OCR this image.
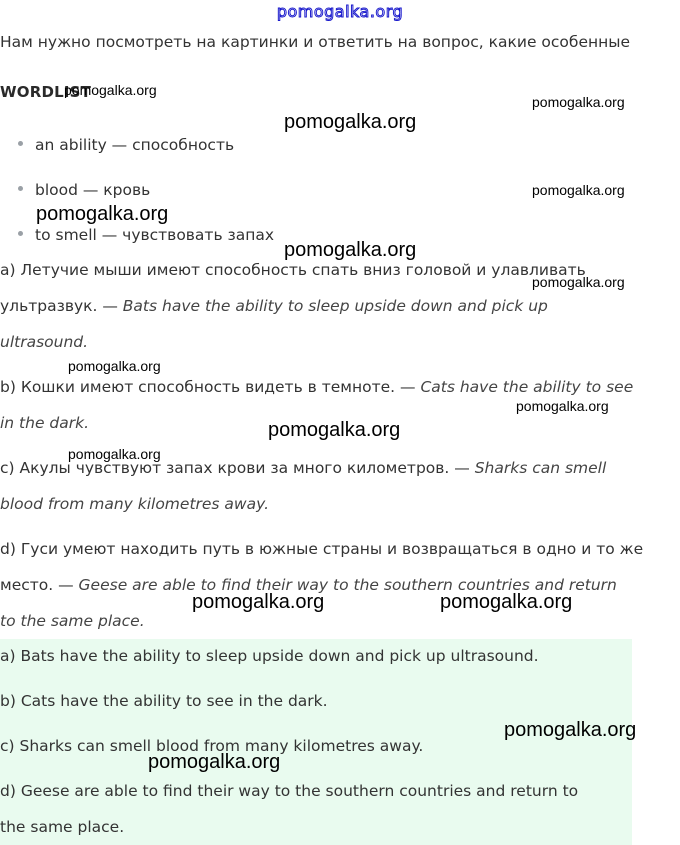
pomogalka.org
Нам нужно посмотреть на картинки и ответить на вопрос, какие особенные
WORDLIST
an ability — способность
blood — кровь
to smell — чувствовать запах
a) Летучие мыши имеют способность спать вниз головой и улавливать
ультразвук. — Bats have the ability to sleep upside down and pick up
ultrasound.
b) Кошки имеют способность видеть в темноте. — Cats have the ability to see
in the dark.
c) Акулы чувствуют запах крови за много километров. — Sharks can smell
blood from many kilometres away.
d) Гуси умеют находить путь в южные страны и возвращаться в одно и то же
место. — Geese are able to find their way to the southern countries and return
to the same place.
a) Bats have the ability to sleep upside down and pick up ultrasound.
b) Cats have the ability to see in the dark.
c) Sharks can smell blood from many kilometres away.
d) Geese are able to find their way to the southern countries and return to
the same place.
pomogalka.org
pomogalka.org
pomogalka.org
pomogalka.org
pomogalka.org
pomogalka.org
pomogalka.org
pomogalka.org
pomogalka.org
pomogalka.org
pomogalka.org
pomogalka.org	pomogalka.org
pomogalka.org
pomogalka.org
